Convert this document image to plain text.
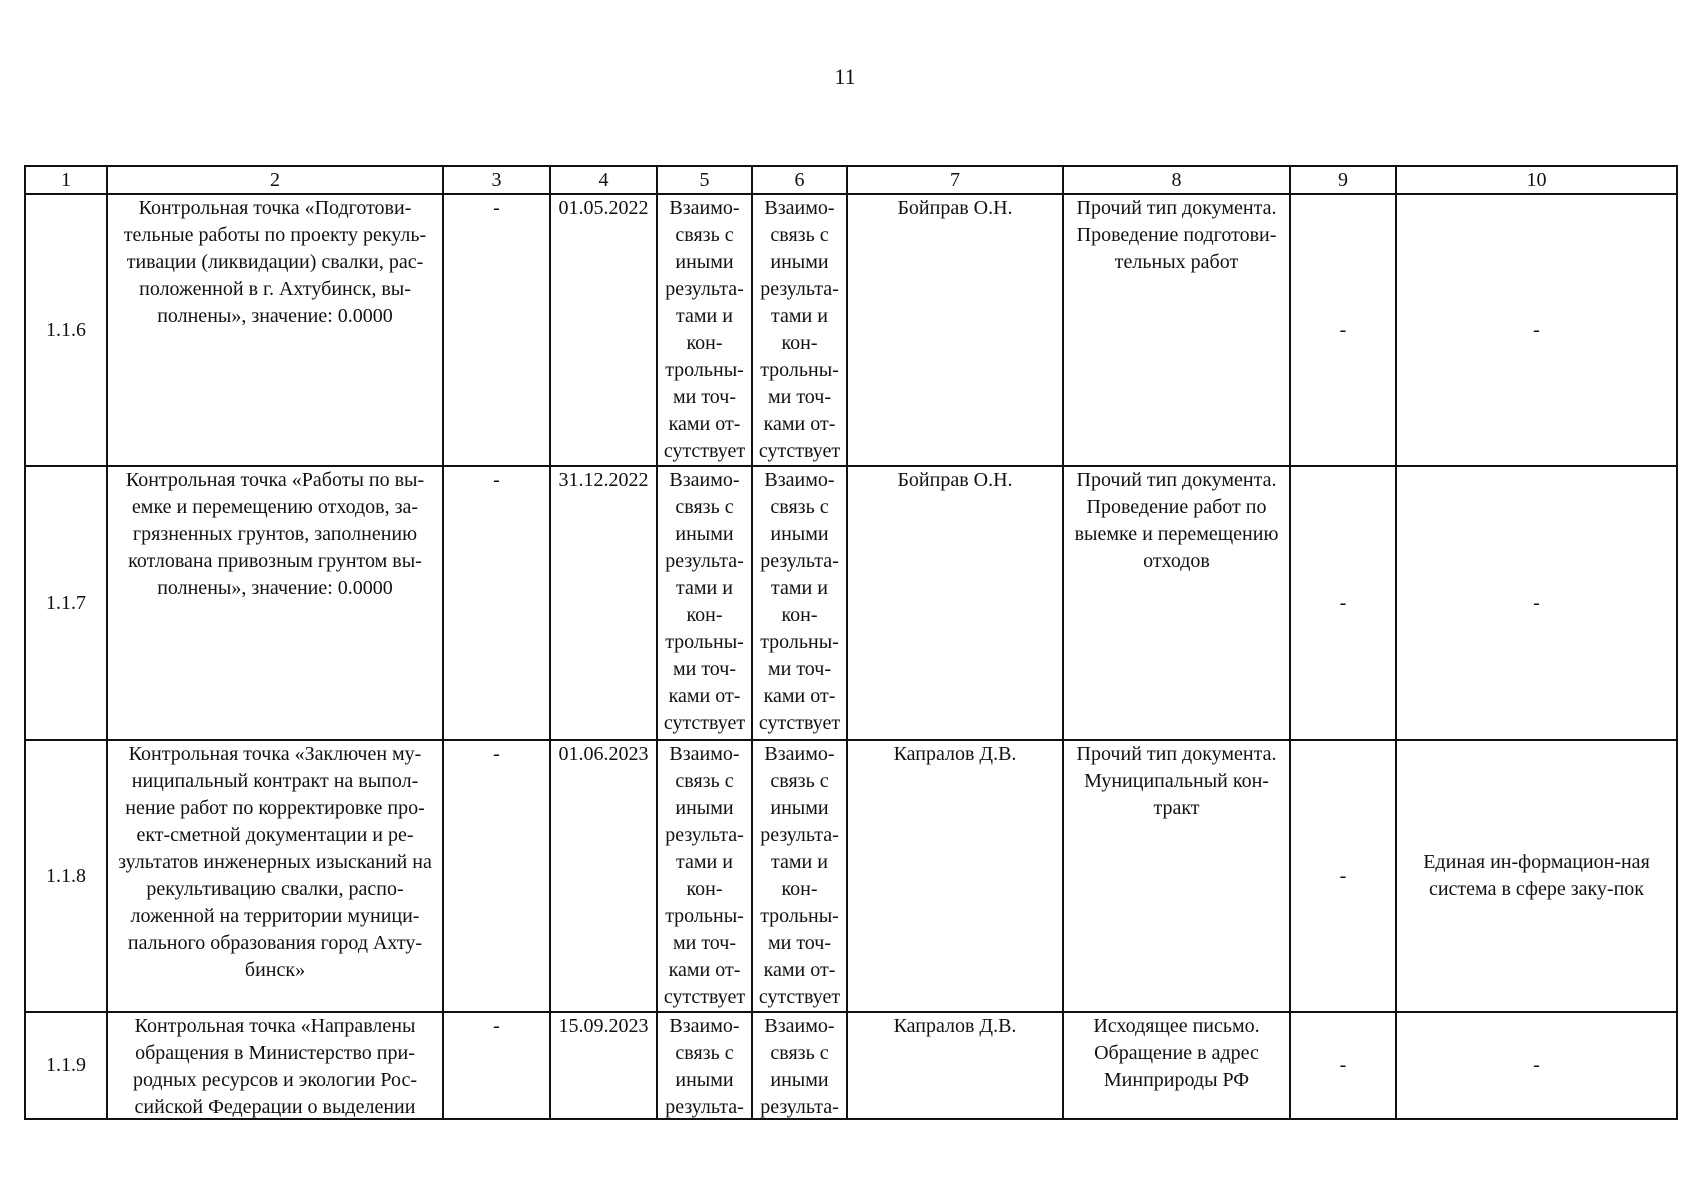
11
1	2	3	4	5	6	7	8	9	10
1.1.6	Контрольная точка «Подготови-тельные работы по проекту рекуль-тивации (ликвидации) свалки, рас-положенной в г. Ахтубинск, вы-полнены», значение: 0.0000	-	01.05.2022	Взаимо-связь с иными результа-тами и кон-трольны-ми точ-ками от-сутствует	Взаимо-связь с иными результа-тами и кон-трольны-ми точ-ками от-сутствует	Бойправ О.Н.	Прочий тип документа. Проведение подготови-тельных работ	-	-
1.1.7	Контрольная точка «Работы по вы-емке и перемещению отходов, за-грязненных грунтов, заполнению котлована привозным грунтом вы-полнены», значение: 0.0000	-	31.12.2022	Взаимо-связь с иными результа-тами и кон-трольны-ми точ-ками от-сутствует	Взаимо-связь с иными результа-тами и кон-трольны-ми точ-ками от-сутствует	Бойправ О.Н.	Прочий тип документа. Проведение работ по выемке и перемещению отходов	-	-
1.1.8	Контрольная точка «Заключен му-ниципальный контракт на выпол-нение работ по корректировке про-ект-сметной документации и ре-зультатов инженерных изысканий на рекультивацию свалки, распо-ложенной на территории муници-пального образования город Ахту-бинск»	-	01.06.2023	Взаимо-связь с иными результа-тами и кон-трольны-ми точ-ками от-сутствует	Взаимо-связь с иными результа-тами и кон-трольны-ми точ-ками от-сутствует	Капралов Д.В.	Прочий тип документа. Муниципальный кон-тракт	-	Единая ин-формацион-ная система в сфере заку-пок
1.1.9	Контрольная точка «Направлены обращения в Министерство при-родных ресурсов и экологии Рос-сийской Федерации о выделении	-	15.09.2023	Взаимо-связь с иными результа-	Взаимо-связь с иными результа-	Капралов Д.В.	Исходящее письмо. Обращение в адрес Минприроды РФ	-	-
